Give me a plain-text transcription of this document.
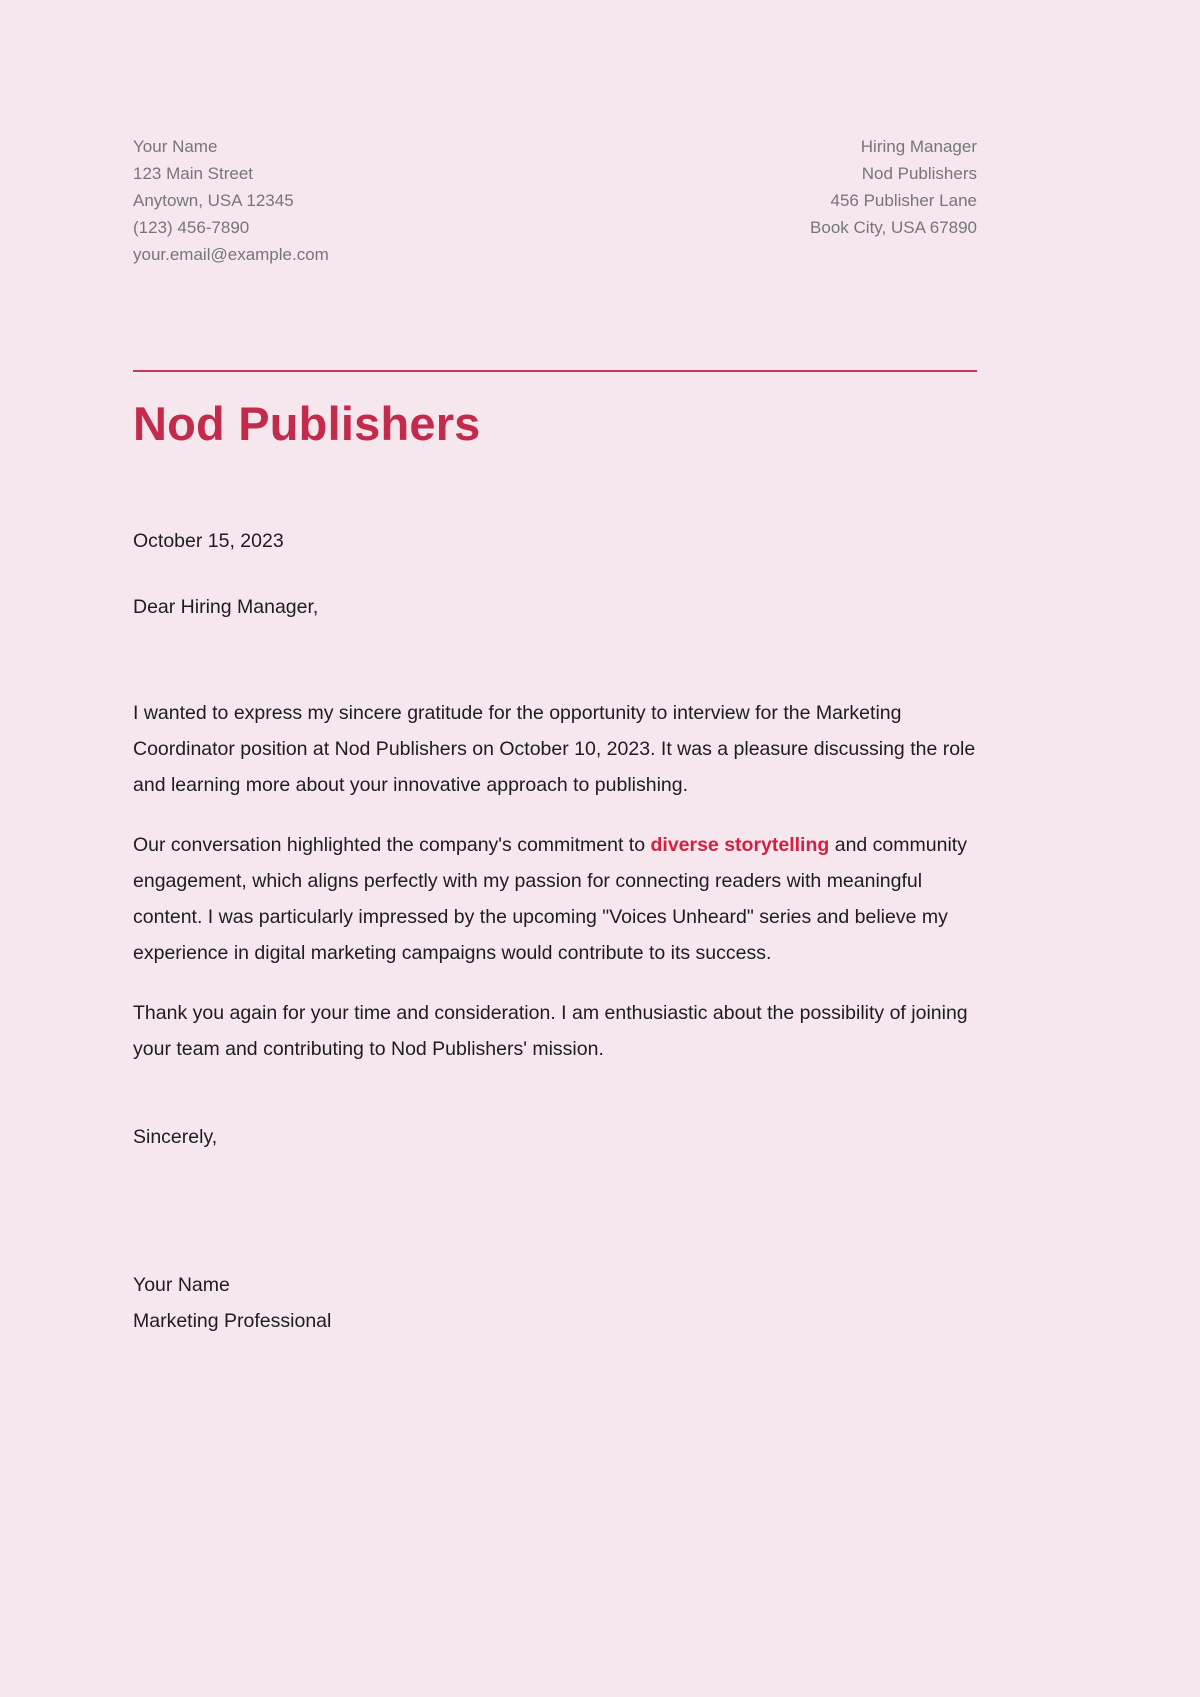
Your Name
123 Main Street
Anytown, USA 12345
(123) 456-7890
your.email@example.com
Hiring Manager
Nod Publishers
456 Publisher Lane
Book City, USA 67890
Nod Publishers
October 15, 2023
Dear Hiring Manager,

I wanted to express my sincere gratitude for the opportunity to interview for the Marketing Coordinator position at Nod Publishers on October 10, 2023. It was a pleasure discussing the role and learning more about your innovative approach to publishing.

Our conversation highlighted the company's commitment to diverse storytelling and community engagement, which aligns perfectly with my passion for connecting readers with meaningful content. I was particularly impressed by the upcoming "Voices Unheard" series and believe my experience in digital marketing campaigns would contribute to its success.

Thank you again for your time and consideration. I am enthusiastic about the possibility of joining your team and contributing to Nod Publishers' mission.

Sincerely,
Your Name
Marketing Professional
